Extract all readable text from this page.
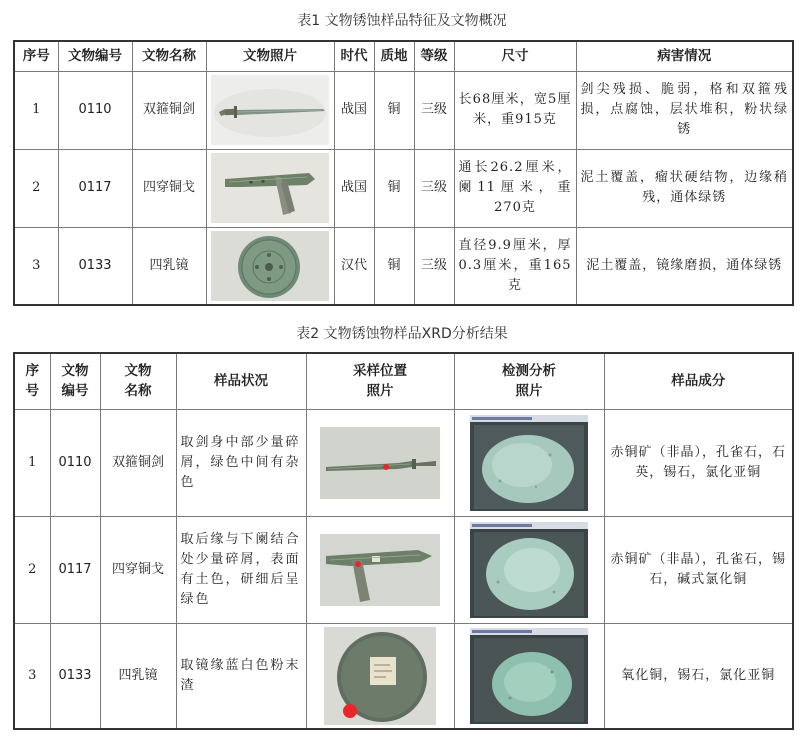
表1 文物锈蚀样品特征及文物概况
序号	文物编号	文物名称	文物照片	时代	质地	等级	尺寸	病害情况
1	0110	双箍铜剑		战国	铜	三级	长68厘米，宽5厘米，重915克	剑尖残损、脆弱，格和双箍残损，点腐蚀，层状堆积，粉状绿锈
2	0117	四穿铜戈		战国	铜	三级	通长26.2厘米，阑11厘米，重270克	泥土覆盖，瘤状硬结物，边缘稍残，通体绿锈
3	0133	四乳镜		汉代	铜	三级	直径9.9厘米，厚0.3厘米，重165克	泥土覆盖，镜缘磨损，通体绿锈
表2 文物锈蚀物样品XRD分析结果
序号	文物编号	文物名称	样品状况	采样位置照片	检测分析照片	样品成分
1	0110	双箍铜剑	取剑身中部少量碎屑，绿色中间有杂色			赤铜矿（非晶），孔雀石，石英，锡石，氯化亚铜
2	0117	四穿铜戈	取后缘与下阑结合处少量碎屑，表面有土色，研细后呈绿色			赤铜矿（非晶），孔雀石，锡石，碱式氯化铜
3	0133	四乳镜	取镜缘蓝白色粉末渣			氧化铜，锡石，氯化亚铜
